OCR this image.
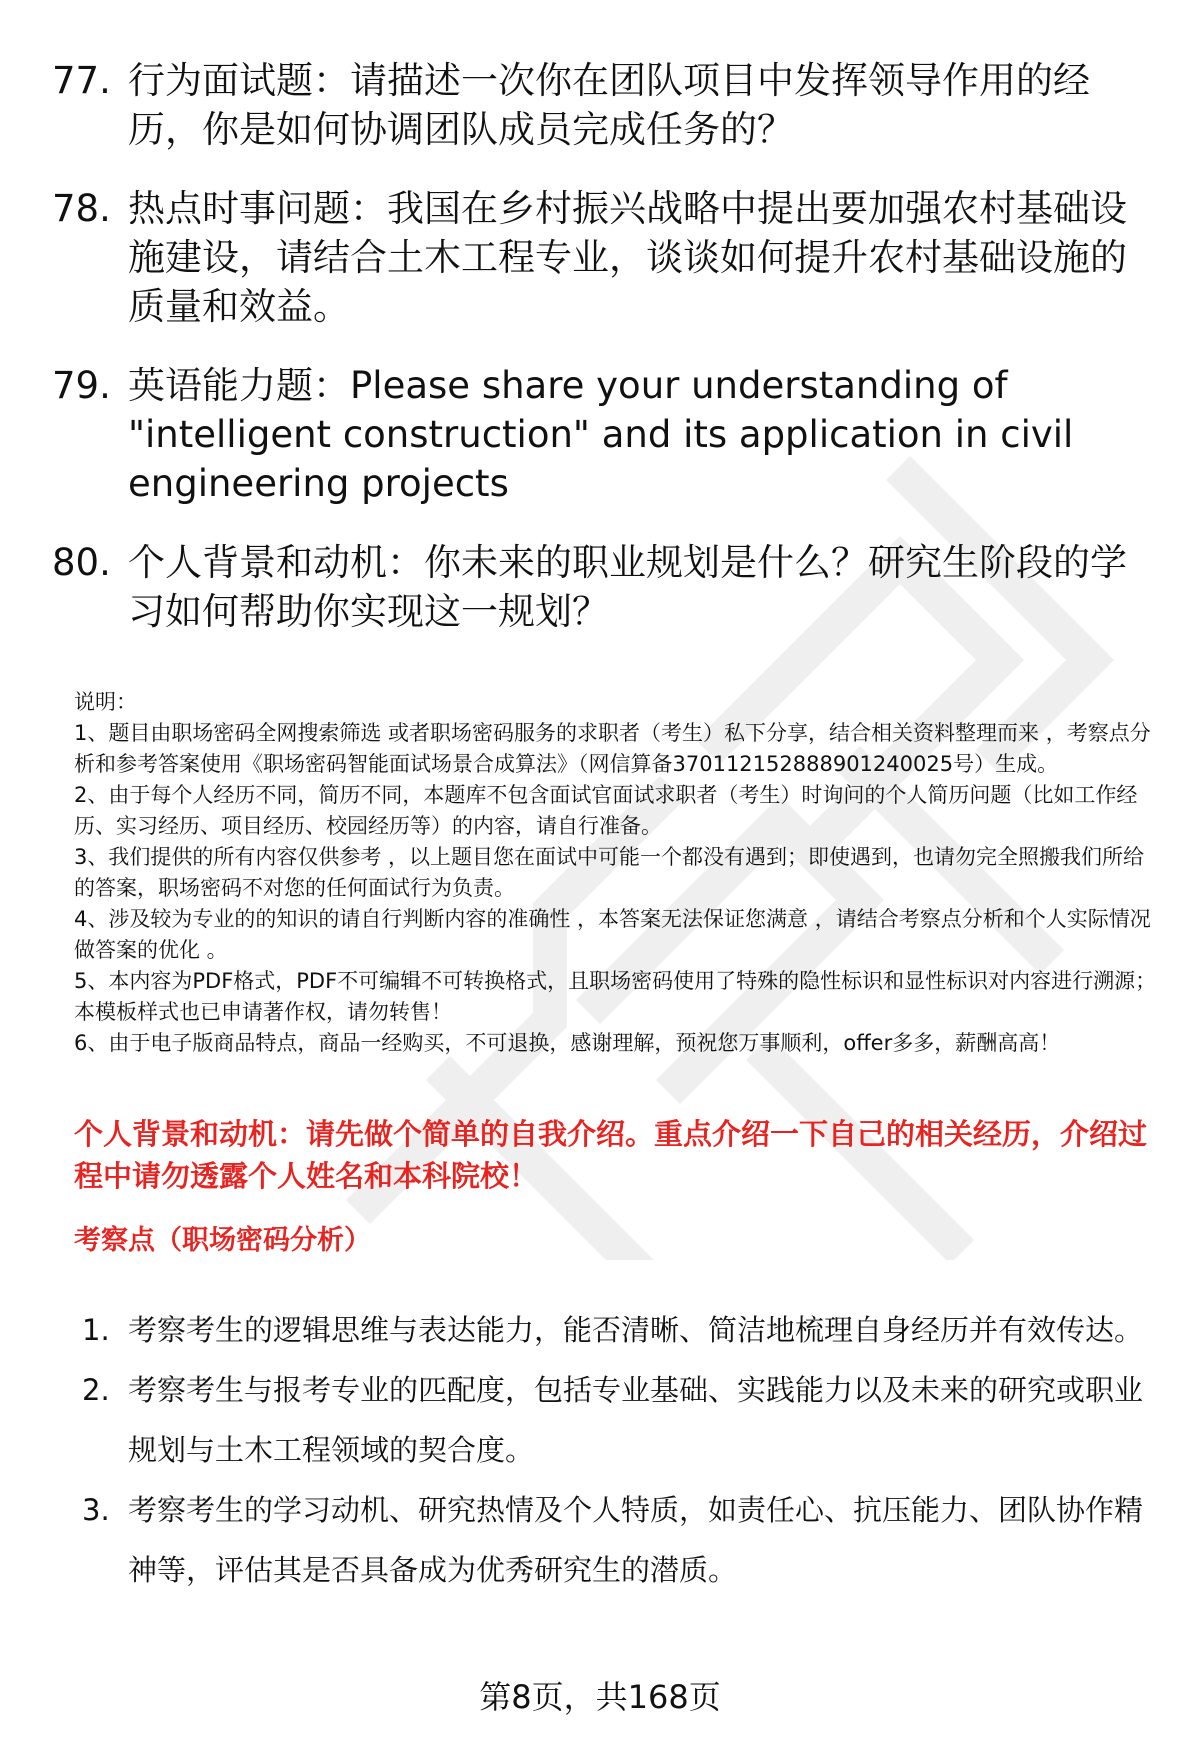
77. 行为面试题：请描述一次你在团队项目中发挥领导作用的经历，你是如何协调团队成员完成任务的？
78. 热点时事问题：我国在乡村振兴战略中提出要加强农村基础设施建设，请结合土木工程专业，谈谈如何提升农村基础设施的质量和效益。
79. 英语能力题：Please share your understanding of "intelligent construction" and its application in civil engineering projects
80. 个人背景和动机：你未来的职业规划是什么？研究生阶段的学习如何帮助你实现这一规划？

说明：

1、题目由职场密码全网搜索筛选 或者职场密码服务的求职者（考生）私下分享，结合相关资料整理而来 ，考察点分析和参考答案使用《职场密码智能面试场景合成算法》（网信算备370112152888901240025号）生成。

2、由于每个人经历不同，简历不同，本题库不包含面试官面试求职者（考生）时询问的个人简历问题（比如工作经历、实习经历、项目经历、校园经历等）的内容，请自行准备。

3、我们提供的所有内容仅供参考 ，以上题目您在面试中可能一个都没有遇到；即使遇到，也请勿完全照搬我们所给的答案，职场密码不对您的任何面试行为负责。

4、涉及较为专业的的知识的请自行判断内容的准确性 ，本答案无法保证您满意 ，请结合考察点分析和个人实际情况做答案的优化 。

5、本内容为PDF格式，PDF不可编辑不可转换格式，且职场密码使用了特殊的隐性标识和显性标识对内容进行溯源；本模板样式也已申请著作权，请勿转售！

6、由于电子版商品特点，商品一经购买，不可退换，感谢理解，预祝您万事顺利，offer多多，薪酬高高！

个人背景和动机：请先做个简单的自我介绍。重点介绍一下自己的相关经历，介绍过程中请勿透露个人姓名和本科院校！

考察点（职场密码分析）

1. 考察考生的逻辑思维与表达能力，能否清晰、简洁地梳理自身经历并有效传达。
2. 考察考生与报考专业的匹配度，包括专业基础、实践能力以及未来的研究或职业规划与土木工程领域的契合度。
3. 考察考生的学习动机、研究热情及个人特质，如责任心、抗压能力、团队协作精神等，评估其是否具备成为优秀研究生的潜质。
第8页，共168页
